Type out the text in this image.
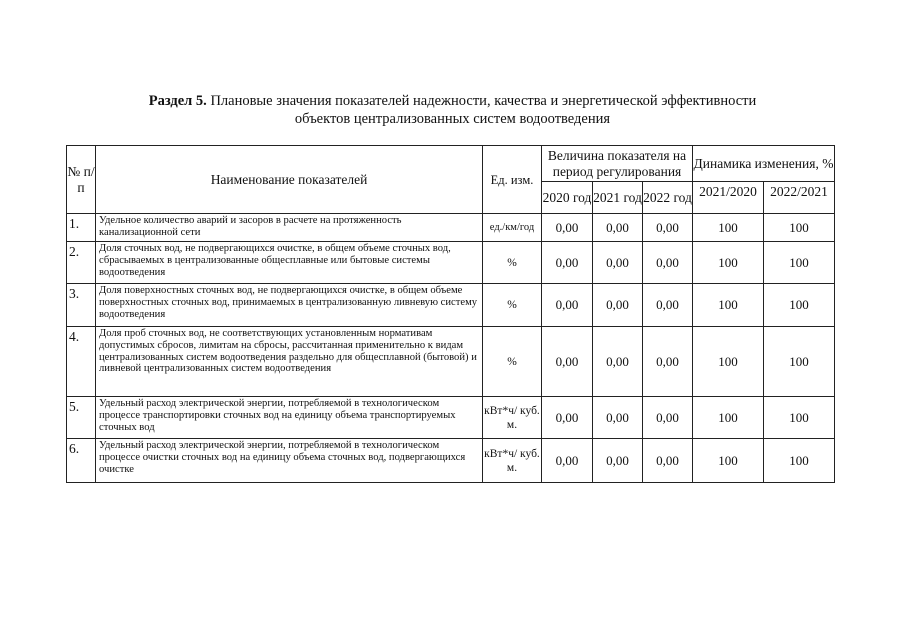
Раздел 5. Плановые значения показателей надежности, качества и энергетической эффективности
объектов централизованных систем водоотведения
№ п/п	Наименование показателей	Ед. изм.	Величина показателя на период регулирования			Динамика изменения, %	
			2020 год	2021 год	2022 год	2021/2020	2022/2021
1.	Удельное количество аварий и засоров в расчете на протяженность канализационной сети	ед./км/год	0,00	0,00	0,00	100	100
2.	Доля сточных вод, не подвергающихся очистке, в общем объеме сточных вод, сбрасываемых в централизованные общесплавные или бытовые системы водоотведения	%	0,00	0,00	0,00	100	100
3.	Доля поверхностных сточных вод, не подвергающихся очистке, в общем объеме поверхностных сточных вод, принимаемых в централизованную ливневую систему водоотведения	%	0,00	0,00	0,00	100	100
4.	Доля проб сточных вод, не соответствующих установленным нормативам допустимых сбросов, лимитам на сбросы, рассчитанная применительно к видам централизованных систем водоотведения раздельно для общесплавной (бытовой) и ливневой централизованных систем водоотведения	%	0,00	0,00	0,00	100	100
5.	Удельный расход электрической энергии, потребляемой в технологическом процессе транспортировки сточных вод на единицу объема транспортируемых сточных вод	кВт*ч/ куб. м.	0,00	0,00	0,00	100	100
6.	Удельный расход электрической энергии, потребляемой в технологическом процессе очистки сточных вод на единицу объема сточных вод, подвергающихся очистке	кВт*ч/ куб. м.	0,00	0,00	0,00	100	100
